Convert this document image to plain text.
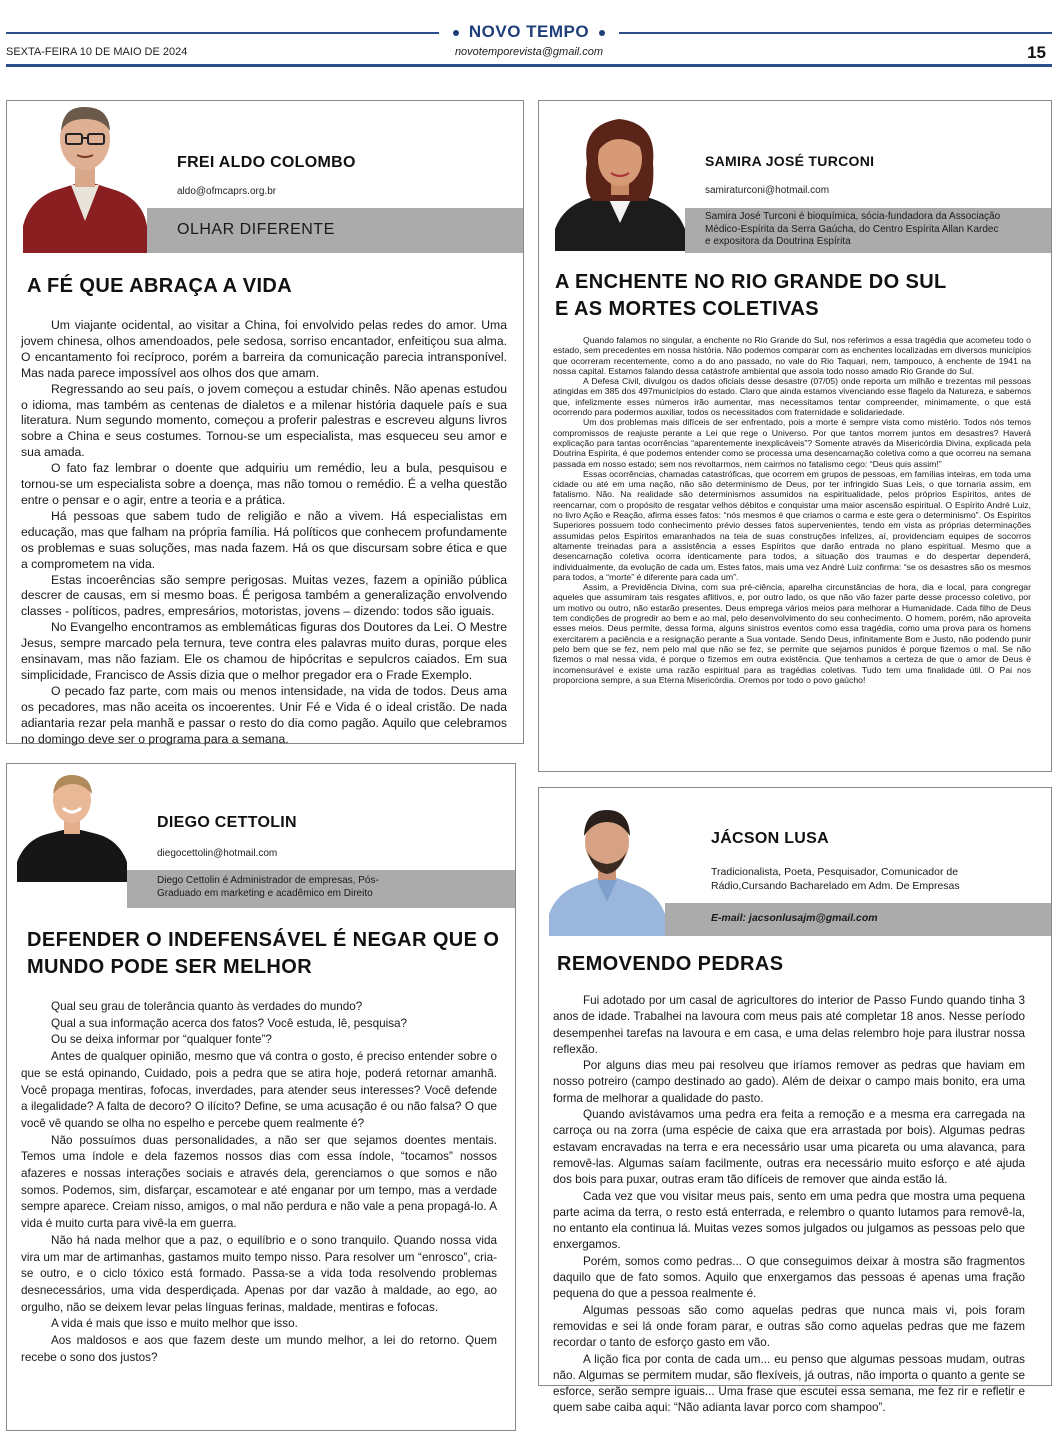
NOVO TEMPO
SEXTA-FEIRA 10 DE MAIO DE 2024	novotemporevista@gmail.com	15
FREI ALDO COLOMBO
aldo@ofmcaprs.org.br
OLHAR DIFERENTE
A FÉ QUE ABRAÇA A VIDA

Um viajante ocidental, ao visitar a China, foi envolvido pelas redes do amor. Uma jovem chinesa, olhos amendoados, pele sedosa, sorriso encantador, enfeitiçou sua alma. O encantamento foi recíproco, porém a barreira da comunicação parecia intransponível. Mas nada parece impossível aos olhos dos que amam.

Regressando ao seu país, o jovem começou a estudar chinês. Não apenas estudou o idioma, mas também as centenas de dialetos e a milenar história daquele país e sua literatura. Num segundo momento, começou a proferir palestras e escreveu alguns livros sobre a China e seus costumes. Tornou-se um especialista, mas esqueceu seu amor e sua amada.

O fato faz lembrar o doente que adquiriu um remédio, leu a bula, pesquisou e tornou-se um especialista sobre a doença, mas não tomou o remédio. É a velha questão entre o pensar e o agir, entre a teoria e a prática.

Há pessoas que sabem tudo de religião e não a vivem. Há especialistas em educação, mas que falham na própria família. Há políticos que conhecem profundamente os problemas e suas soluções, mas nada fazem. Há os que discursam sobre ética e que a comprometem na vida.

Estas incoerências são sempre perigosas. Muitas vezes, fazem a opinião pública descrer de causas, em si mesmo boas. É perigosa também a generalização envolvendo classes - políticos, padres, empresários, motoristas, jovens – dizendo: todos são iguais.

No Evangelho encontramos as emblemáticas figuras dos Doutores da Lei. O Mestre Jesus, sempre marcado pela ternura, teve contra eles palavras muito duras, porque eles ensinavam, mas não faziam. Ele os chamou de hipócritas e sepulcros caiados. Em sua simplicidade, Francisco de Assis dizia que o melhor pregador era o Frade Exemplo.

O pecado faz parte, com mais ou menos intensidade, na vida de todos. Deus ama os pecadores, mas não aceita os incoerentes. Unir Fé e Vida é o ideal cristão. De nada adiantaria rezar pela manhã e passar o resto do dia como pagão. Aquilo que celebramos no domingo deve ser o programa para a semana.

SAMIRA JOSÉ TURCONI
samiraturconi@hotmail.com
Samira José Turconi é bioquímica, sócia-fundadora da Associação Médico-Espírita da Serra Gaúcha, do Centro Espírita Allan Kardec e expositora da Doutrina Espírita
A ENCHENTE NO RIO GRANDE DO SUL
E AS MORTES COLETIVAS

Quando falamos no singular, a enchente no Rio Grande do Sul, nos referimos a essa tragédia que acometeu todo o estado, sem precedentes em nossa história. Não podemos comparar com as enchentes localizadas em diversos municípios que ocorreram recentemente, como a do ano passado, no vale do Rio Taquari, nem, tampouco, à enchente de 1941 na nossa capital. Estamos falando dessa catástrofe ambiental que assola todo nosso amado Rio Grande do Sul.

A Defesa Civil, divulgou os dados oficiais desse desastre (07/05) onde reporta um milhão e trezentas mil pessoas atingidas em 385 dos 497municípios do estado. Claro que ainda estamos vivenciando esse flagelo da Natureza, e sabemos que, infelizmente esses números irão aumentar, mas necessitamos tentar compreender, minimamente, o que está ocorrendo para podermos auxiliar, todos os necessitados com fraternidade e solidariedade.

Um dos problemas mais difíceis de ser enfrentado, pois a morte é sempre vista como mistério. Todos nós temos compromissos de reajuste perante a Lei que rege o Universo. Por que tantos morrem juntos em desastres? Haverá explicação para tantas ocorrências “aparentemente inexplicáveis”? Somente através da Misericórdia Divina, explicada pela Doutrina Espírita, é que podemos entender como se processa uma desencarnação coletiva como a que ocorreu na semana passada em nosso estado; sem nos revoltarmos, nem cairmos no fatalismo cego: “Deus quis assim!”

Essas ocorrências, chamadas catastróficas, que ocorrem em grupos de pessoas, em famílias inteiras, em toda uma cidade ou até em uma nação, não são determinismo de Deus, por ter infringido Suas Leis, o que tornaria assim, em fatalismo. Não. Na realidade são determinismos assumidos na espiritualidade, pelos próprios Espíritos, antes de reencarnar, com o propósito de resgatar velhos débitos e conquistar uma maior ascensão espiritual. O Espírito André Luiz, no livro Ação e Reação, afirma esses fatos: “nós mesmos é que criamos o carma e este gera o determinismo”. Os Espíritos Superiores possuem todo conhecimento prévio desses fatos supervenientes, tendo em vista as próprias determinações assumidas pelos Espíritos emaranhados na teia de suas construções infelizes, aí, providenciam equipes de socorros altamente treinadas para a assistência a esses Espíritos que darão entrada no plano espiritual. Mesmo que a desencarnação coletiva ocorra identicamente para todos, a situação dos traumas e do despertar dependerá, individualmente, da evolução de cada um. Estes fatos, mais uma vez André Luiz confirma: “se os desastres são os mesmos para todos, a “morte” é diferente para cada um”.

Assim, a Previdência Divina, com sua pré-ciência, aparelha circunstâncias de hora, dia e local, para congregar aqueles que assumiram tais resgates aflitivos, e, por outro lado, os que não vão fazer parte desse processo coletivo, por um motivo ou outro, não estarão presentes. Deus emprega vários meios para melhorar a Humanidade. Cada filho de Deus tem condições de progredir ao bem e ao mal, pelo desenvolvimento do seu conhecimento. O homem, porém, não aproveita esses meios. Deus permite, dessa forma, alguns sinistros eventos como essa tragédia, como uma prova para os homens exercitarem a paciência e a resignação perante a Sua vontade. Sendo Deus, infinitamente Bom e Justo, não podendo punir pelo bem que se fez, nem pelo mal que não se fez, se permite que sejamos punidos é porque fizemos o mal. Se não fizemos o mal nessa vida, é porque o fizemos em outra existência. Que tenhamos a certeza de que o amor de Deus é incomensurável e existe uma razão espiritual para as tragédias coletivas. Tudo tem uma finalidade útil. O Pai nos proporciona sempre, a sua Eterna Misericórdia. Oremos por todo o povo gaúcho!

DIEGO CETTOLIN
diegocettolin@hotmail.com
Diego Cettolin é Administrador de empresas, Pós-Graduado em marketing e acadêmico em Direito
DEFENDER O INDEFENSÁVEL É NEGAR QUE O
MUNDO PODE SER MELHOR

Qual seu grau de tolerância quanto às verdades do mundo?

Qual a sua informação acerca dos fatos? Você estuda, lê, pesquisa?

Ou se deixa informar por “qualquer fonte”?

Antes de qualquer opinião, mesmo que vá contra o gosto, é preciso entender sobre o que se está opinando, Cuidado, pois a pedra que se atira hoje, poderá retornar amanhã. Você propaga mentiras, fofocas, inverdades, para atender seus interesses? Você defende a ilegalidade? A falta de decoro? O ilícito? Define, se uma acusação é ou não falsa? O que você vê quando se olha no espelho e percebe quem realmente é?

Não possuímos duas personalidades, a não ser que sejamos doentes mentais. Temos uma índole e dela fazemos nossos dias com essa índole, “tocamos” nossos afazeres e nossas interações sociais e através dela, gerenciamos o que somos e não somos. Podemos, sim, disfarçar, escamotear e até enganar por um tempo, mas a verdade sempre aparece. Creiam nisso, amigos, o mal não perdura e não vale a pena propagá-lo. A vida é muito curta para vivê-la em guerra.

Não há nada melhor que a paz, o equilíbrio e o sono tranquilo. Quando nossa vida vira um mar de artimanhas, gastamos muito tempo nisso. Para resolver um “enrosco”, cria-se outro, e o ciclo tóxico está formado. Passa-se a vida toda resolvendo problemas desnecessários, uma vida desperdiçada. Apenas por dar vazão à maldade, ao ego, ao orgulho, não se deixem levar pelas línguas ferinas, maldade, mentiras e fofocas.

A vida é mais que isso e muito melhor que isso.

Aos maldosos e aos que fazem deste um mundo melhor, a lei do retorno. Quem recebe o sono dos justos?

JÁCSON LUSA
Tradicionalista, Poeta, Pesquisador, Comunicador de Rádio,Cursando Bacharelado em Adm. De Empresas
E-mail: jacsonlusajm@gmail.com
REMOVENDO PEDRAS

Fui adotado por um casal de agricultores do interior de Passo Fundo quando tinha 3 anos de idade. Trabalhei na lavoura com meus pais até completar 18 anos. Nesse período desempenhei tarefas na lavoura e em casa, e uma delas relembro hoje para ilustrar nossa reflexão.

Por alguns dias meu pai resolveu que iríamos remover as pedras que haviam em nosso potreiro (campo destinado ao gado). Além de deixar o campo mais bonito, era uma forma de melhorar a qualidade do pasto.

Quando avistávamos uma pedra era feita a remoção e a mesma era carregada na carroça ou na zorra (uma espécie de caixa que era arrastada por bois). Algumas pedras estavam encravadas na terra e era necessário usar uma picareta ou uma alavanca, para removê-las. Algumas saíam facilmente, outras era necessário muito esforço e até ajuda dos bois para puxar, outras eram tão difíceis de remover que ainda estão lá.

Cada vez que vou visitar meus pais, sento em uma pedra que mostra uma pequena parte acima da terra, o resto está enterrada, e relembro o quanto lutamos para removê-la, no entanto ela continua lá. Muitas vezes somos julgados ou julgamos as pessoas pelo que enxergamos.

Porém, somos como pedras... O que conseguimos deixar à mostra são fragmentos daquilo que de fato somos. Aquilo que enxergamos das pessoas é apenas uma fração pequena do que a pessoa realmente é.

Algumas pessoas são como aquelas pedras que nunca mais vi, pois foram removidas e sei lá onde foram parar, e outras são como aquelas pedras que me fazem recordar o tanto de esforço gasto em vão.

A lição fica por conta de cada um... eu penso que algumas pessoas mudam, outras não. Algumas se permitem mudar, são flexíveis, já outras, não importa o quanto a gente se esforce, serão sempre iguais... Uma frase que escutei essa semana, me fez rir e refletir e quem sabe caiba aqui: “Não adianta lavar porco com shampoo”.
